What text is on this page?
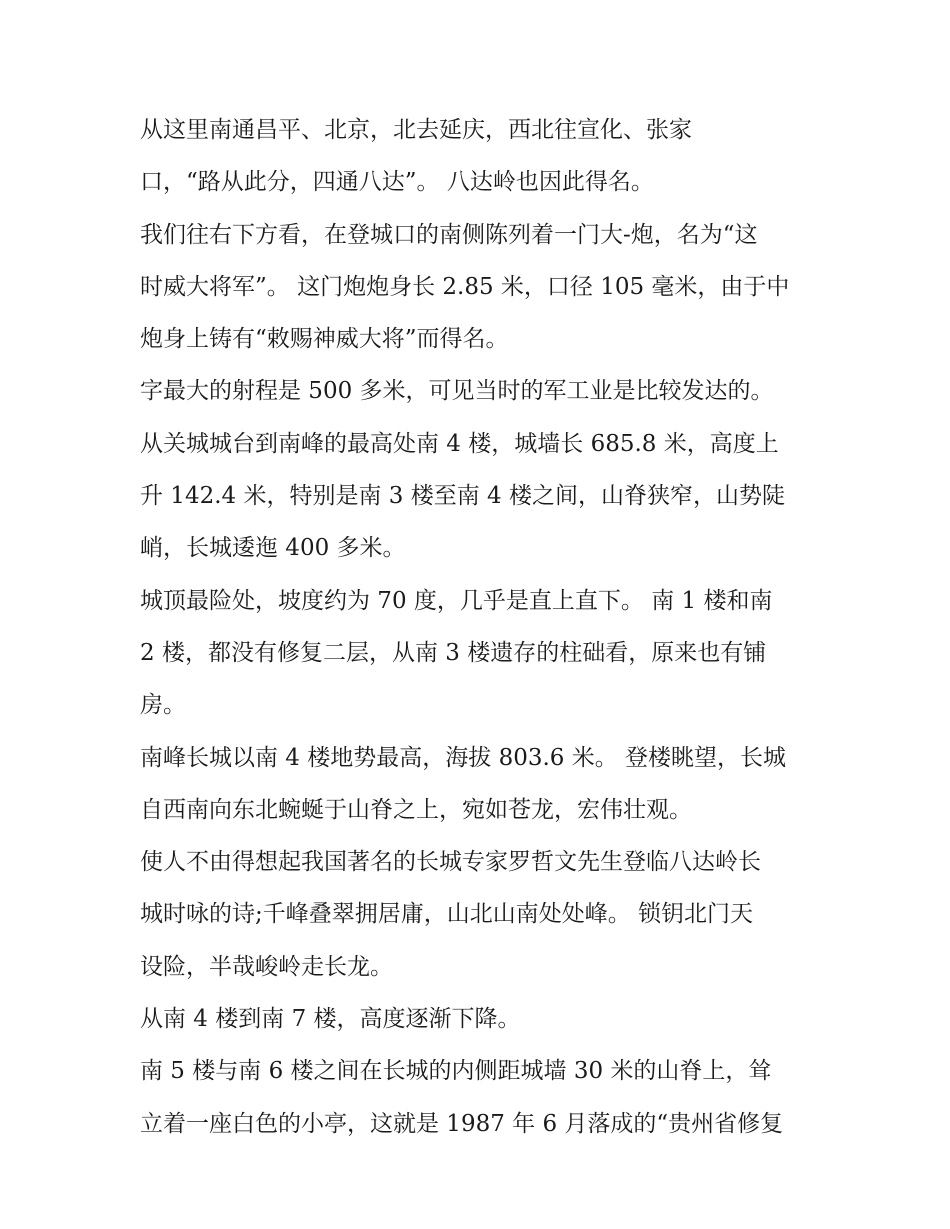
从这里南通昌平、北京，北去延庆，西北往宣化、张家
口，“路从此分，四通八达”。 八达岭也因此得名。
我们往右下方看，在登城口的南侧陈列着一门大-炮，名为“这
时威大将军”。 这门炮炮身长 2.85 米，口径 105 毫米，由于中
炮身上铸有“敕赐神威大将”而得名。
字最大的射程是 500 多米，可见当时的军工业是比较发达的。
从关城城台到南峰的最高处南 4 楼，城墙长 685.8 米，高度上
升 142.4 米，特别是南 3 楼至南 4 楼之间，山脊狭窄，山势陡
峭，长城逶迤 400 多米。
城顶最险处，坡度约为 70 度，几乎是直上直下。 南 1 楼和南
2 楼，都没有修复二层，从南 3 楼遗存的柱础看，原来也有铺
房。
南峰长城以南 4 楼地势最高，海拔 803.6 米。 登楼眺望，长城
自西南向东北蜿蜒于山脊之上，宛如苍龙，宏伟壮观。
使人不由得想起我国著名的长城专家罗哲文先生登临八达岭长
城时咏的诗;千峰叠翠拥居庸，山北山南处处峰。 锁钥北门天
设险，半哉峻岭走长龙。
从南 4 楼到南 7 楼，高度逐渐下降。
南 5 楼与南 6 楼之间在长城的内侧距城墙 30 米的山脊上，耸
立着一座白色的小亭，这就是 1987 年 6 月落成的“贵州省修复
